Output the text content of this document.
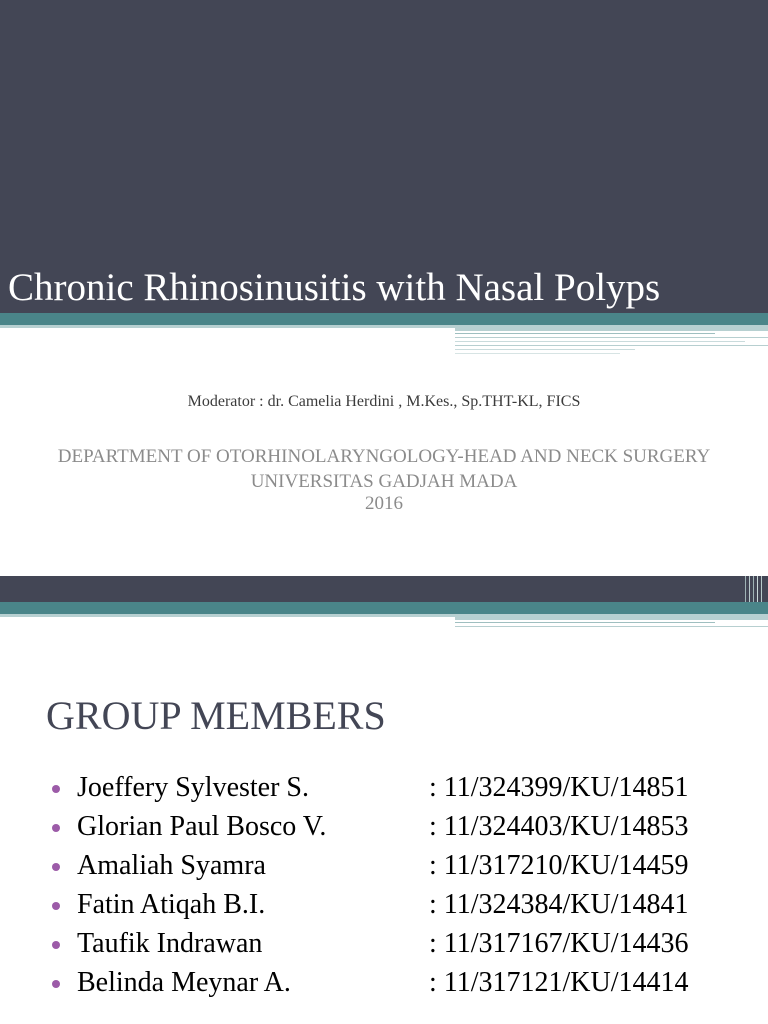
Chronic Rhinosinusitis with Nasal Polyps
Moderator : dr. Camelia Herdini , M.Kes., Sp.THT-KL, FICS
DEPARTMENT OF OTORHINOLARYNGOLOGY-HEAD AND NECK SURGERY
UNIVERSITAS GADJAH MADA
2016
GROUP MEMBERS
Joeffery Sylvester S.	: 11/324399/KU/14851
Glorian Paul Bosco V.	: 11/324403/KU/14853
Amaliah Syamra	: 11/317210/KU/14459
Fatin Atiqah B.I.	: 11/324384/KU/14841
Taufik Indrawan	: 11/317167/KU/14436
Belinda Meynar A.	: 11/317121/KU/14414
